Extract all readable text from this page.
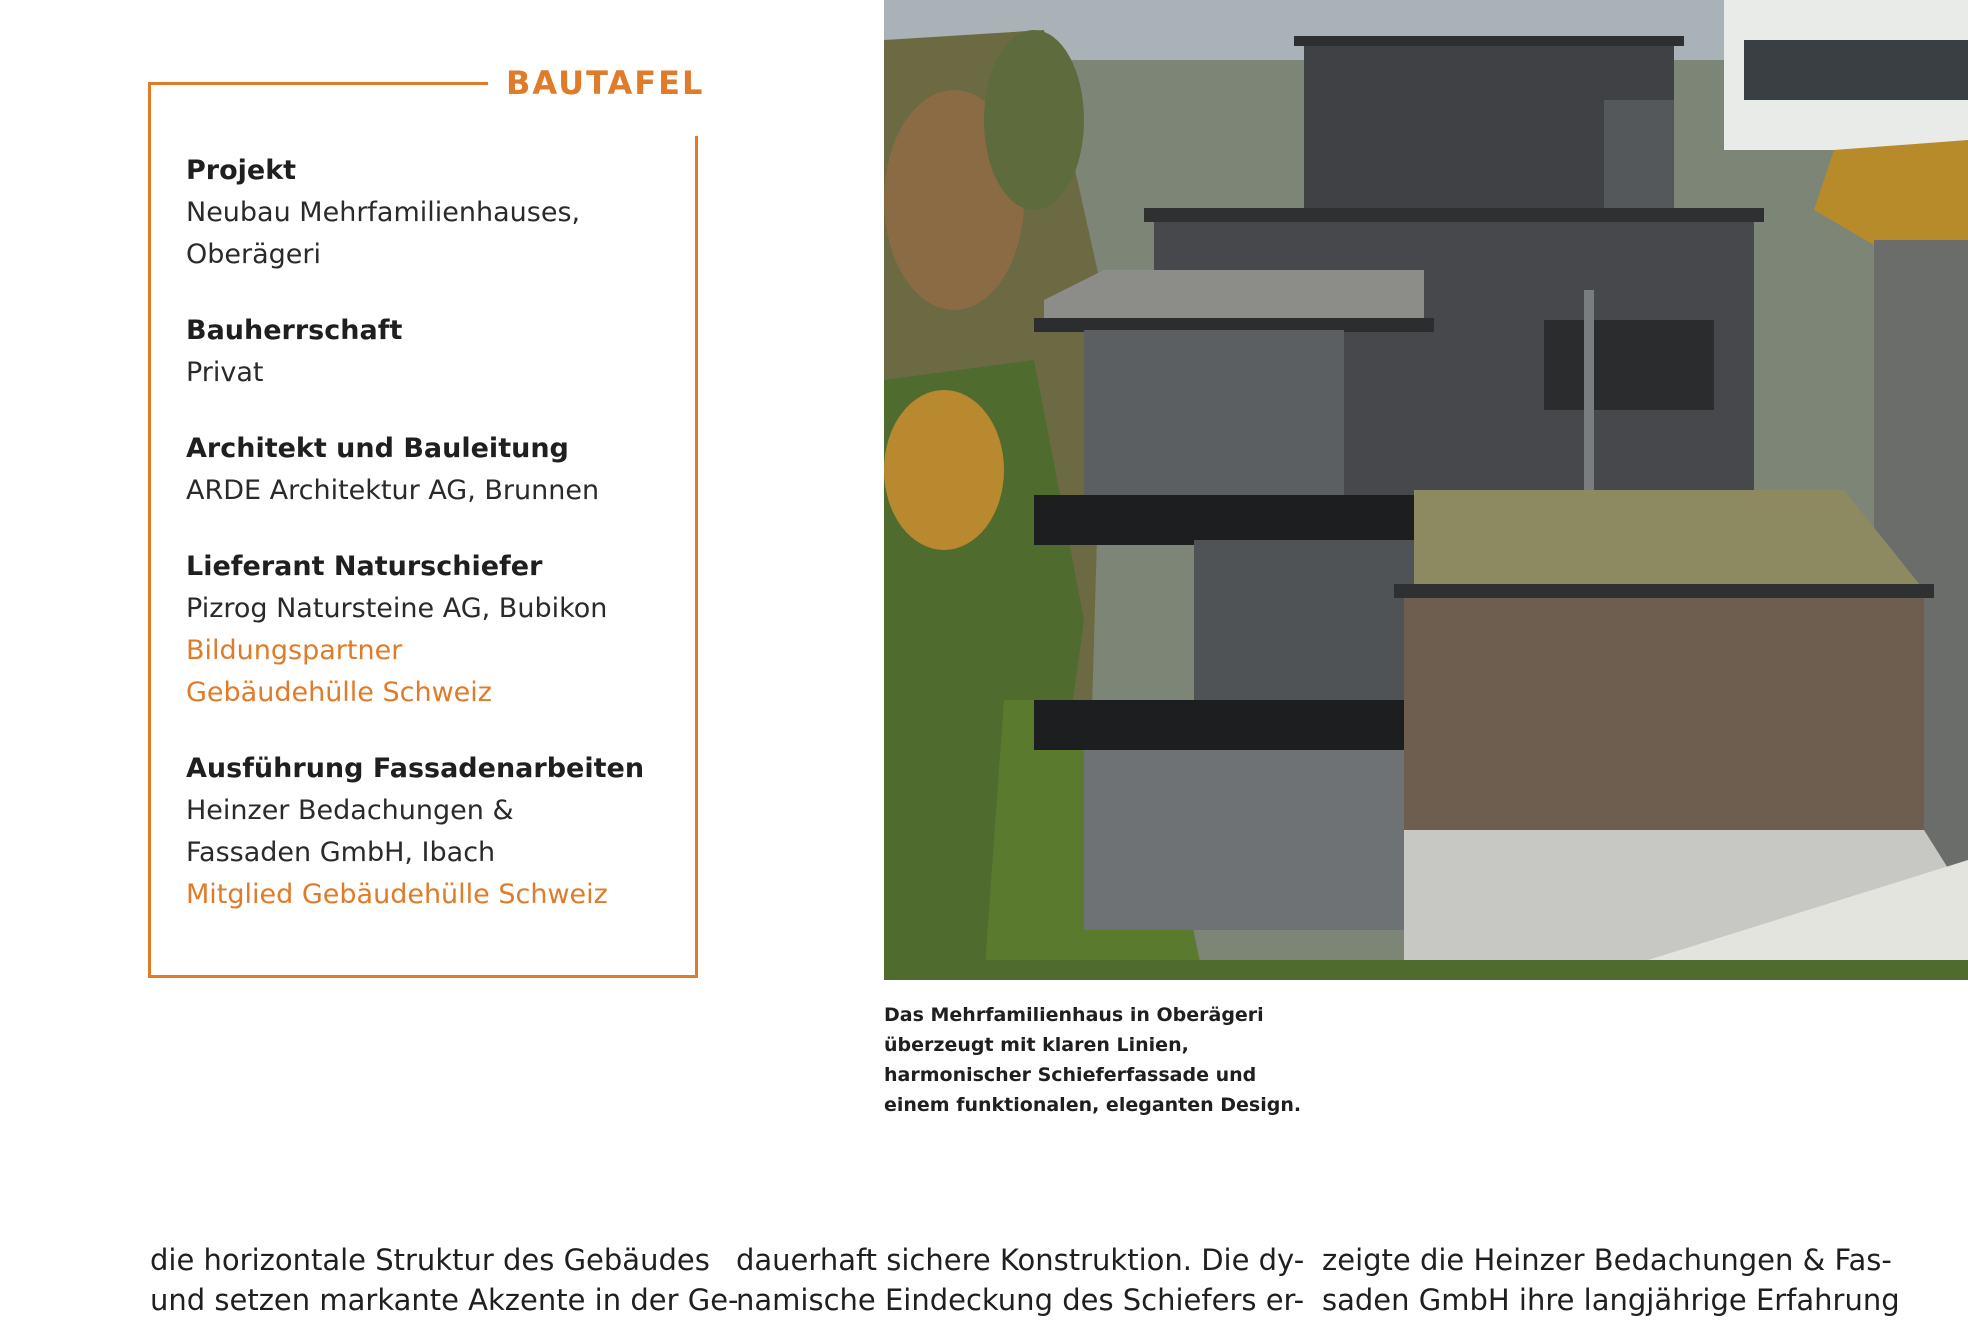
BAUTAFEL
Projekt
Neubau Mehrfamilienhauses,
Oberägeri
Bauherrschaft
Privat
Architekt und Bauleitung
ARDE Architektur AG, Brunnen
Lieferant Naturschiefer
Pizrog Natursteine AG, Bubikon
Bildungspartner
Gebäudehülle Schweiz
Ausführung Fassadenarbeiten
Heinzer Bedachungen &
Fassaden GmbH, Ibach
Mitglied Gebäudehülle Schweiz
Das Mehrfamilienhaus in Oberägeri
überzeugt mit klaren Linien,
harmonischer Schieferfassade und
einem funktionalen, eleganten Design.
die horizontale Struktur des Gebäudes
und setzen markante Akzente in der Ge-
dauerhaft sichere Konstruktion. Die dy-
namische Eindeckung des Schiefers er-
zeigte die Heinzer Bedachungen & Fas-
saden GmbH ihre langjährige Erfahrung
